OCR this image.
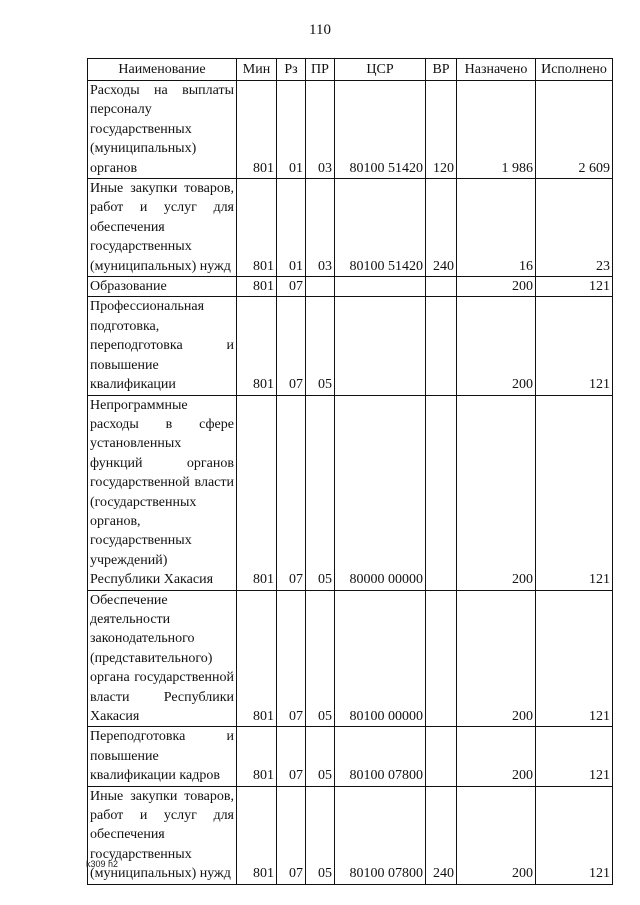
110
Наименование	Мин	Рз	ПР	ЦСР	ВР	Назначено	Исполнено
Расходы на выплаты персоналу государственных (муниципальных) органов	801	01	03	80100 51420	120	1 986	2 609
Иные закупки товаров, работ и услуг для обеспечения государственных (муниципальных) нужд	801	01	03	80100 51420	240	16	23
Образование	801	07				200	121
Профессиональная подготовка, переподготовка и повышение квалификации	801	07	05			200	121
Непрограммные расходы в сфере установленных функций органов государственной власти (государственных органов, государственных учреждений) Республики Хакасия	801	07	05	80000 00000		200	121
Обеспечение деятельности законодательного (представительного) органа государственной власти Республики Хакасия	801	07	05	80100 00000		200	121
Переподготовка и повышение квалификации кадров	801	07	05	80100 07800		200	121
Иные закупки товаров, работ и услуг для обеспечения государственных (муниципальных) нужд	801	07	05	80100 07800	240	200	121
k309 h2
